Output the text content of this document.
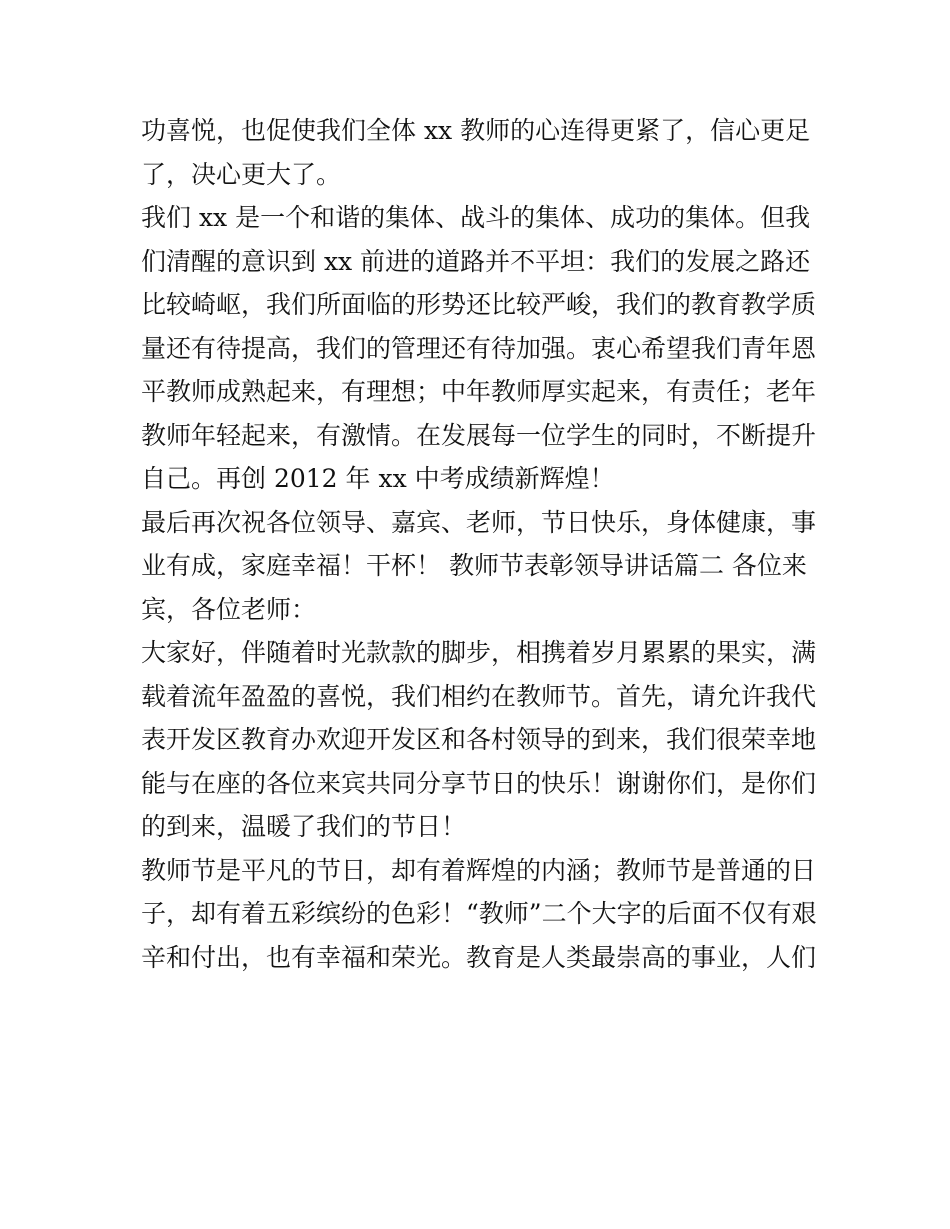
功喜悦，也促使我们全体 xx 教师的心连得更紧了，信心更足
了，决心更大了。
我们 xx 是一个和谐的集体、战斗的集体、成功的集体。但我
们清醒的意识到 xx 前进的道路并不平坦：我们的发展之路还
比较崎岖，我们所面临的形势还比较严峻，我们的教育教学质
量还有待提高，我们的管理还有待加强。衷心希望我们青年恩
平教师成熟起来，有理想；中年教师厚实起来，有责任；老年
教师年轻起来，有激情。在发展每一位学生的同时，不断提升
自己。再创 2012 年 xx 中考成绩新辉煌！
最后再次祝各位领导、嘉宾、老师，节日快乐，身体健康，事
业有成，家庭幸福！干杯！ 教师节表彰领导讲话篇二 各位来
宾，各位老师：
大家好，伴随着时光款款的脚步，相携着岁月累累的果实，满
载着流年盈盈的喜悦，我们相约在教师节。首先，请允许我代
表开发区教育办欢迎开发区和各村领导的到来，我们很荣幸地
能与在座的各位来宾共同分享节日的快乐！谢谢你们，是你们
的到来，温暖了我们的节日！
教师节是平凡的节日，却有着辉煌的内涵；教师节是普通的日
子，却有着五彩缤纷的色彩！“教师”二个大字的后面不仅有艰
辛和付出，也有幸福和荣光。教育是人类最崇高的事业，人们
